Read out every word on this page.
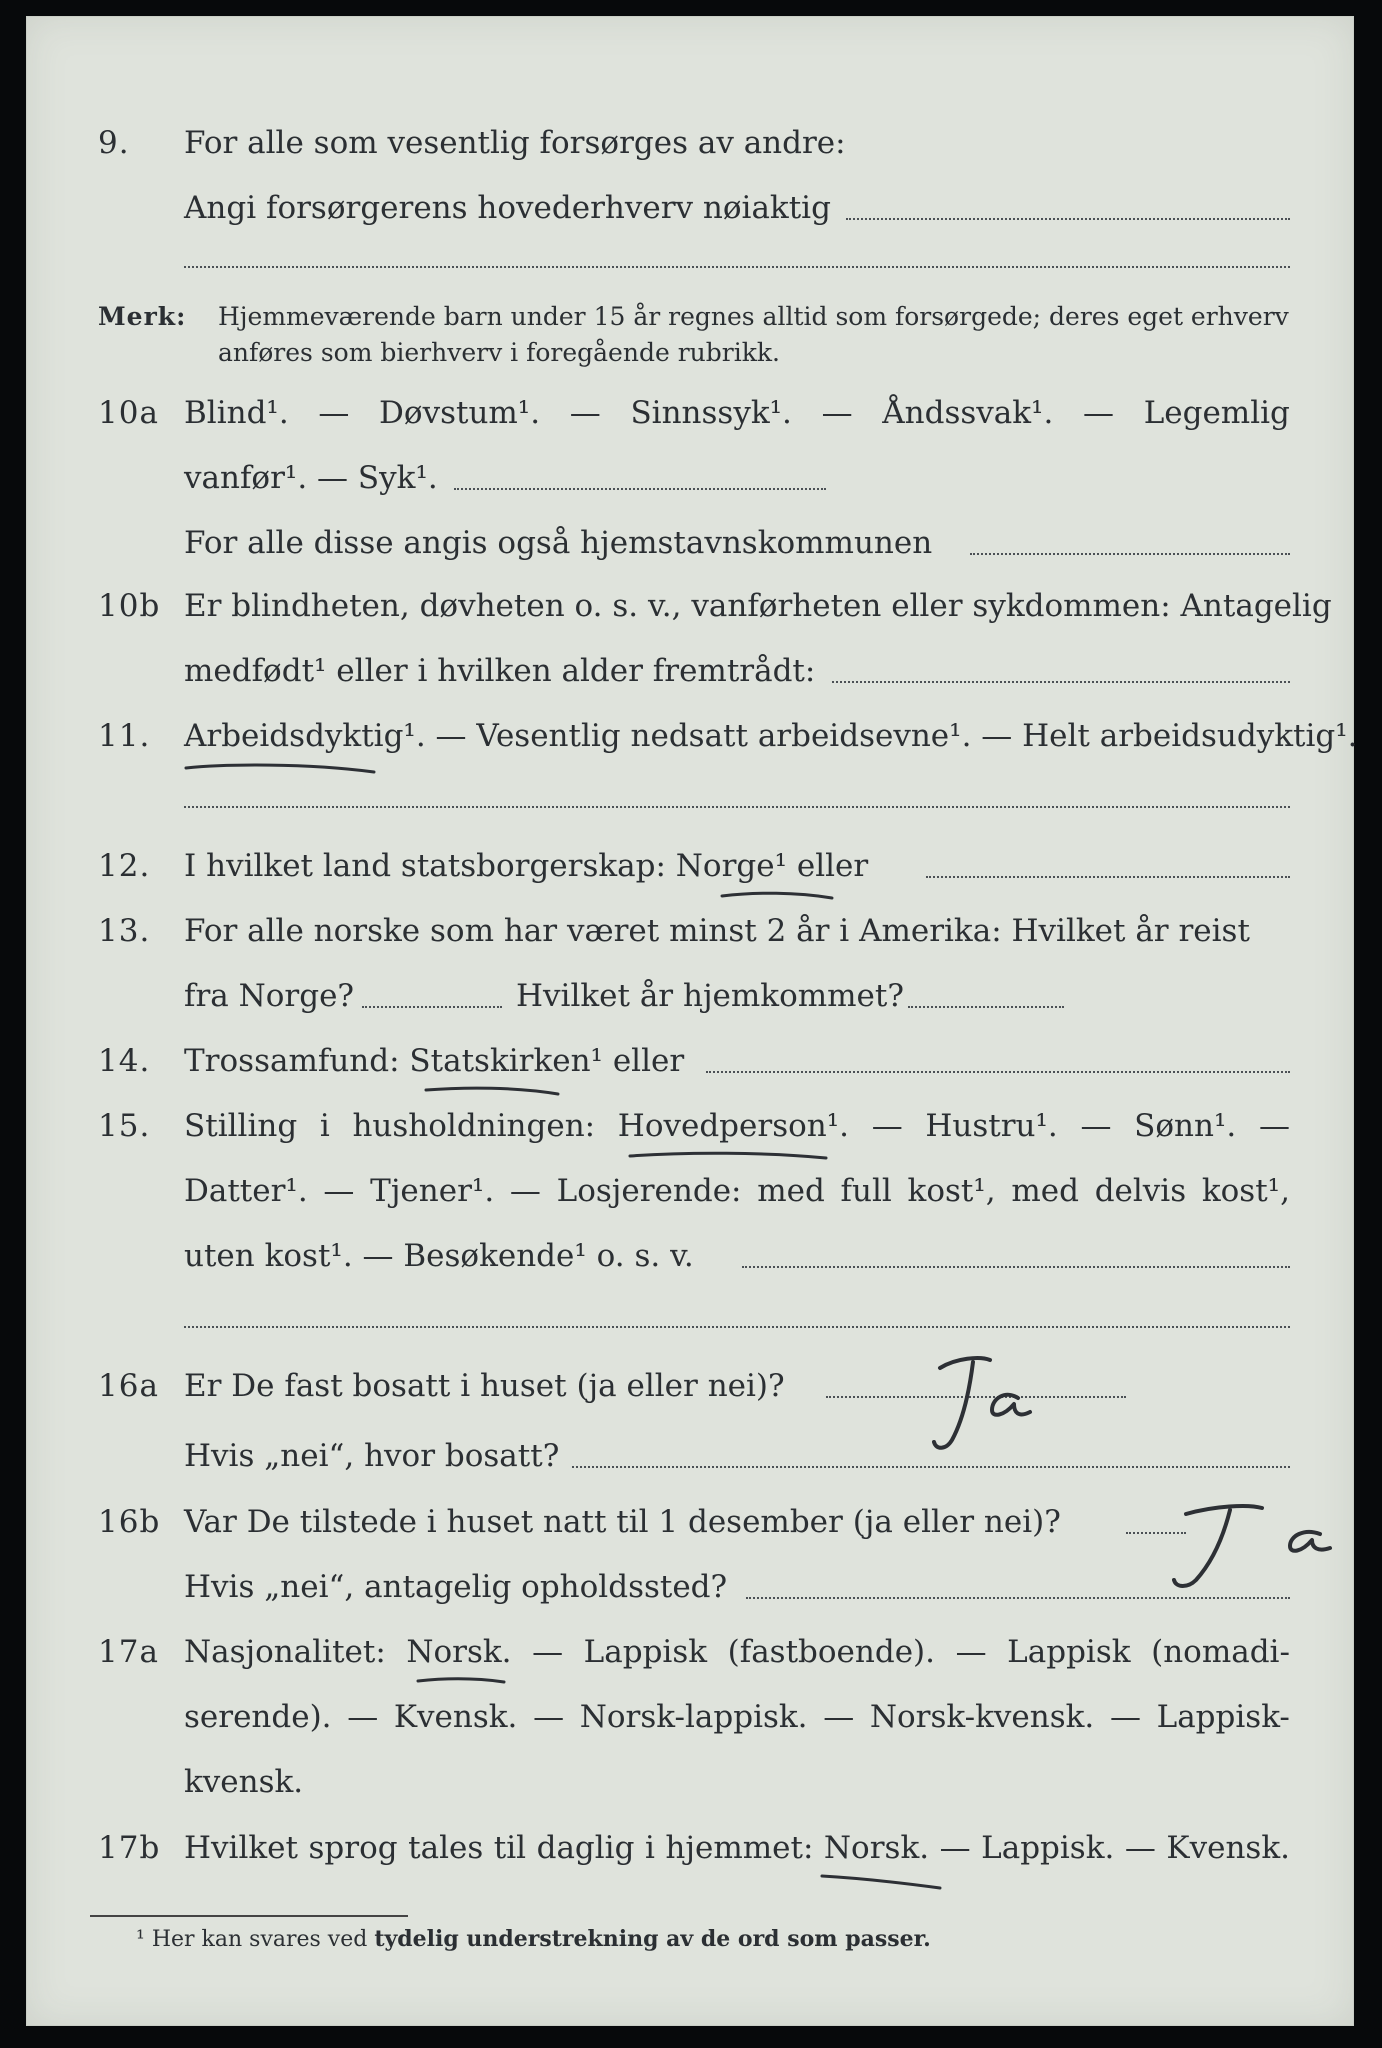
9. For alle som vesentlig forsørges av andre:
Angi forsørgerens hovederhverv nøiaktig
Merk: Hjemmeværende barn under 15 år regnes alltid som forsørgede; deres eget erhverv
anføres som bierhverv i foregående rubrikk.
10a Blind¹. — Døvstum¹. — Sinnssyk¹. — Åndssvak¹. — Legemlig
vanfør¹. — Syk¹.
For alle disse angis også hjemstavnskommunen
10b Er blindheten, døvheten o. s. v., vanførheten eller sykdommen: Antagelig
medfødt¹ eller i hvilken alder fremtrådt:
11. Arbeidsdyktig¹. — Vesentlig nedsatt arbeidsevne¹. — Helt arbeidsudyktig¹.
12. I hvilket land statsborgerskap: Norge¹ eller
13. For alle norske som har været minst 2 år i Amerika: Hvilket år reist
fra Norge?	Hvilket år hjemkommet?
14. Trossamfund: Statskirken¹ eller
15. Stilling i husholdningen: Hovedperson¹. — Hustru¹. — Sønn¹. —
Datter¹. — Tjener¹. — Losjerende: med full kost¹, med delvis kost¹,
uten kost¹. — Besøkende¹ o. s. v.
16a Er De fast bosatt i huset (ja eller nei)?
Hvis „nei“, hvor bosatt?
16b Var De tilstede i huset natt til 1 desember (ja eller nei)?
Hvis „nei“, antagelig opholdssted?
17a Nasjonalitet: Norsk. — Lappisk (fastboende). — Lappisk (nomadi-
serende). — Kvensk. — Norsk-lappisk. — Norsk-kvensk. — Lappisk-
kvensk.
17b Hvilket sprog tales til daglig i hjemmet: Norsk. — Lappisk. — Kvensk.
¹ Her kan svares ved tydelig understrekning av de ord som passer.
